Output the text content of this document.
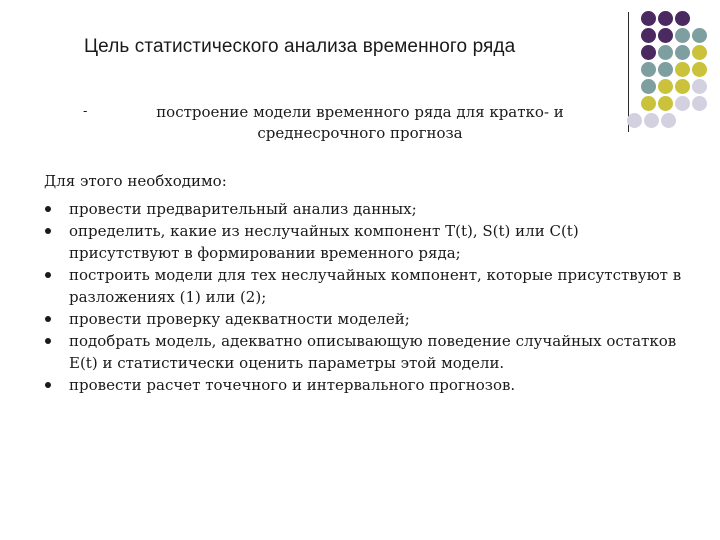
Цель статистического анализа временного ряда
-	построение модели временного ряда для кратко- и среднесрочного прогноза
Для этого необходимо:
провести предварительный анализ данных;
определить, какие из неслучайных компонент T(t), S(t) или C(t) присутствуют в формировании временного ряда;
построить модели для тех неслучайных компонент, которые присутствуют в разложениях (1) или (2);
провести проверку адекватности моделей;
подобрать модель, адекватно описывающую поведение случайных остатков E(t) и статистически оценить параметры этой модели.
провести расчет точечного и интервального прогнозов.
